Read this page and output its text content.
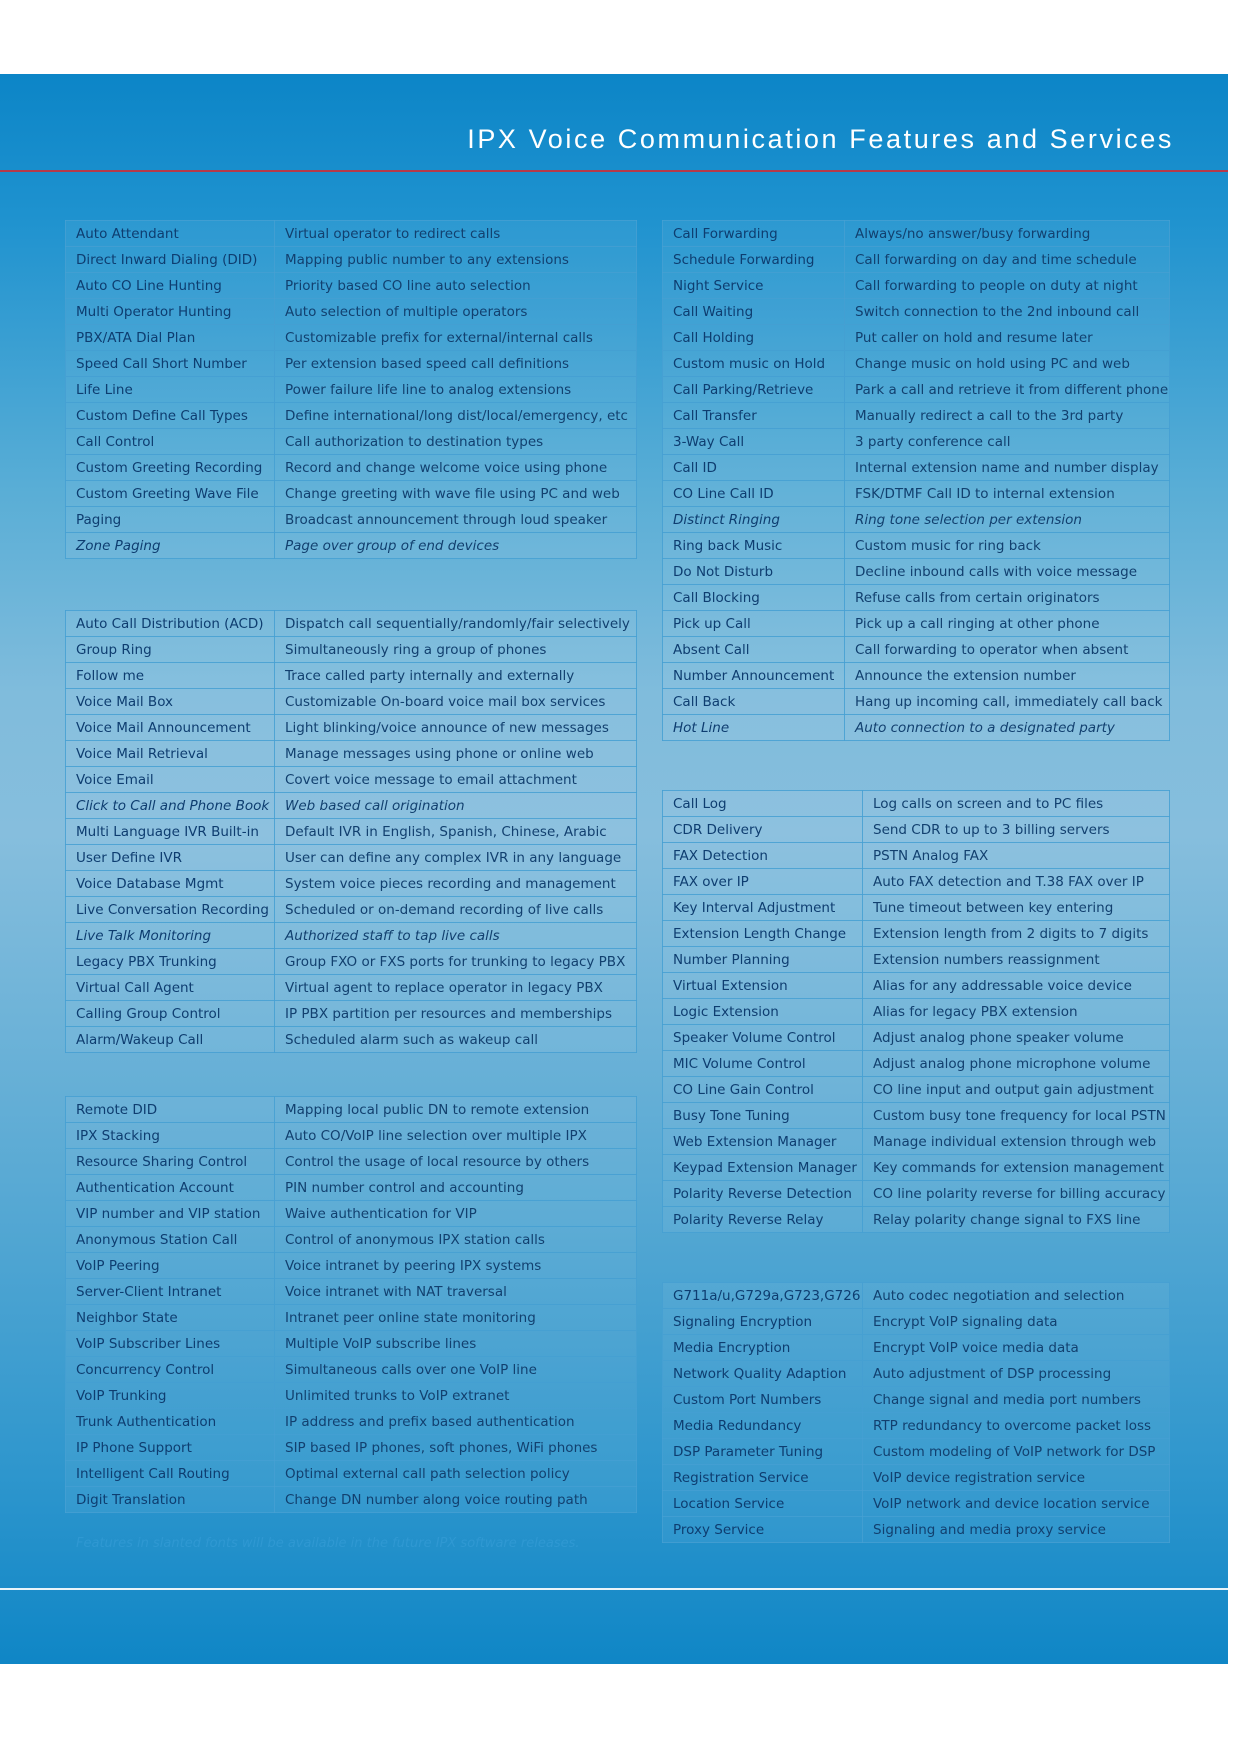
IPX Voice Communication Features and Services
Auto Attendant	Virtual operator to redirect calls
Direct Inward Dialing (DID)	Mapping public number to any extensions
Auto CO Line Hunting	Priority based CO line auto selection
Multi Operator Hunting	Auto selection of multiple operators
PBX/ATA Dial Plan	Customizable prefix for external/internal calls
Speed Call Short Number	Per extension based speed call definitions
Life Line	Power failure life line to analog extensions
Custom Define Call Types	Define international/long dist/local/emergency, etc
Call Control	Call authorization to destination types
Custom Greeting Recording	Record and change welcome voice using phone
Custom Greeting Wave File	Change greeting with wave file using PC and web
Paging	Broadcast announcement through loud speaker
Zone Paging	Page over group of end devices
Auto Call Distribution (ACD)	Dispatch call sequentially/randomly/fair selectively
Group Ring	Simultaneously ring a group of phones
Follow me	Trace called party internally and externally
Voice Mail Box	Customizable On-board voice mail box services
Voice Mail Announcement	Light blinking/voice announce of new messages
Voice Mail Retrieval	Manage messages using phone or online web
Voice Email	Covert voice message to email attachment
Click to Call and Phone Book	Web based call origination
Multi Language IVR Built-in	Default IVR in English, Spanish, Chinese, Arabic
User Define IVR	User can define any complex IVR in any language
Voice Database Mgmt	System voice pieces recording and management
Live Conversation Recording	Scheduled or on-demand recording of live calls
Live Talk Monitoring	Authorized staff to tap live calls
Legacy PBX Trunking	Group FXO or FXS ports for trunking to legacy PBX
Virtual Call Agent	Virtual agent to replace operator in legacy PBX
Calling Group Control	IP PBX partition per resources and memberships
Alarm/Wakeup Call	Scheduled alarm such as wakeup call
Remote DID	Mapping local public DN to remote extension
IPX Stacking	Auto CO/VoIP line selection over multiple IPX
Resource Sharing Control	Control the usage of local resource by others
Authentication Account	PIN number control and accounting
VIP number and VIP station	Waive authentication for VIP
Anonymous Station Call	Control of anonymous IPX station calls
VoIP Peering	Voice intranet by peering IPX systems
Server-Client Intranet	Voice intranet with NAT traversal
Neighbor State	Intranet peer online state monitoring
VoIP Subscriber Lines	Multiple VoIP subscribe lines
Concurrency Control	Simultaneous calls over one VoIP line
VoIP Trunking	Unlimited trunks to VoIP extranet
Trunk Authentication	IP address and prefix based authentication
IP Phone Support	SIP based IP phones, soft phones, WiFi phones
Intelligent Call Routing	Optimal external call path selection policy
Digit Translation	Change DN number along voice routing path
Call Forwarding	Always/no answer/busy forwarding
Schedule Forwarding	Call forwarding on day and time schedule
Night Service	Call forwarding to people on duty at night
Call Waiting	Switch connection to the 2nd inbound call
Call Holding	Put caller on hold and resume later
Custom music on Hold	Change music on hold using PC and web
Call Parking/Retrieve	Park a call and retrieve it from different phone
Call Transfer	Manually redirect a call to the 3rd party
3-Way Call	3 party conference call
Call ID	Internal extension name and number display
CO Line Call ID	FSK/DTMF Call ID to internal extension
Distinct Ringing	Ring tone selection per extension
Ring back Music	Custom music for ring back
Do Not Disturb	Decline inbound calls with voice message
Call Blocking	Refuse calls from certain originators
Pick up Call	Pick up a call ringing at other phone
Absent Call	Call forwarding to operator when absent
Number Announcement	Announce the extension number
Call Back	Hang up incoming call, immediately call back
Hot Line	Auto connection to a designated party
Call Log	Log calls on screen and to PC files
CDR Delivery	Send CDR to up to 3 billing servers
FAX Detection	PSTN Analog FAX
FAX over IP	Auto FAX detection and T.38 FAX over IP
Key Interval Adjustment	Tune timeout between key entering
Extension Length Change	Extension length from 2 digits to 7 digits
Number Planning	Extension numbers reassignment
Virtual Extension	Alias for any addressable voice device
Logic Extension	Alias for legacy PBX extension
Speaker Volume Control	Adjust analog phone speaker volume
MIC Volume Control	Adjust analog phone microphone volume
CO Line Gain Control	CO line input and output gain adjustment
Busy Tone Tuning	Custom busy tone frequency for local PSTN
Web Extension Manager	Manage individual extension through web
Keypad Extension Manager	Key commands for extension management
Polarity Reverse Detection	CO line polarity reverse for billing accuracy
Polarity Reverse Relay	Relay polarity change signal to FXS line
G711a/u,G729a,G723,G726	Auto codec negotiation and selection
Signaling Encryption	Encrypt VoIP signaling data
Media Encryption	Encrypt VoIP voice media data
Network Quality Adaption	Auto adjustment of DSP processing
Custom Port Numbers	Change signal and media port numbers
Media Redundancy	RTP redundancy to overcome packet loss
DSP Parameter Tuning	Custom modeling of VoIP network for DSP
Registration Service	VoIP device registration service
Location Service	VoIP network and device location service
Proxy Service	Signaling and media proxy service
Features in slanted fonts will be available in the future IPX software releases.
